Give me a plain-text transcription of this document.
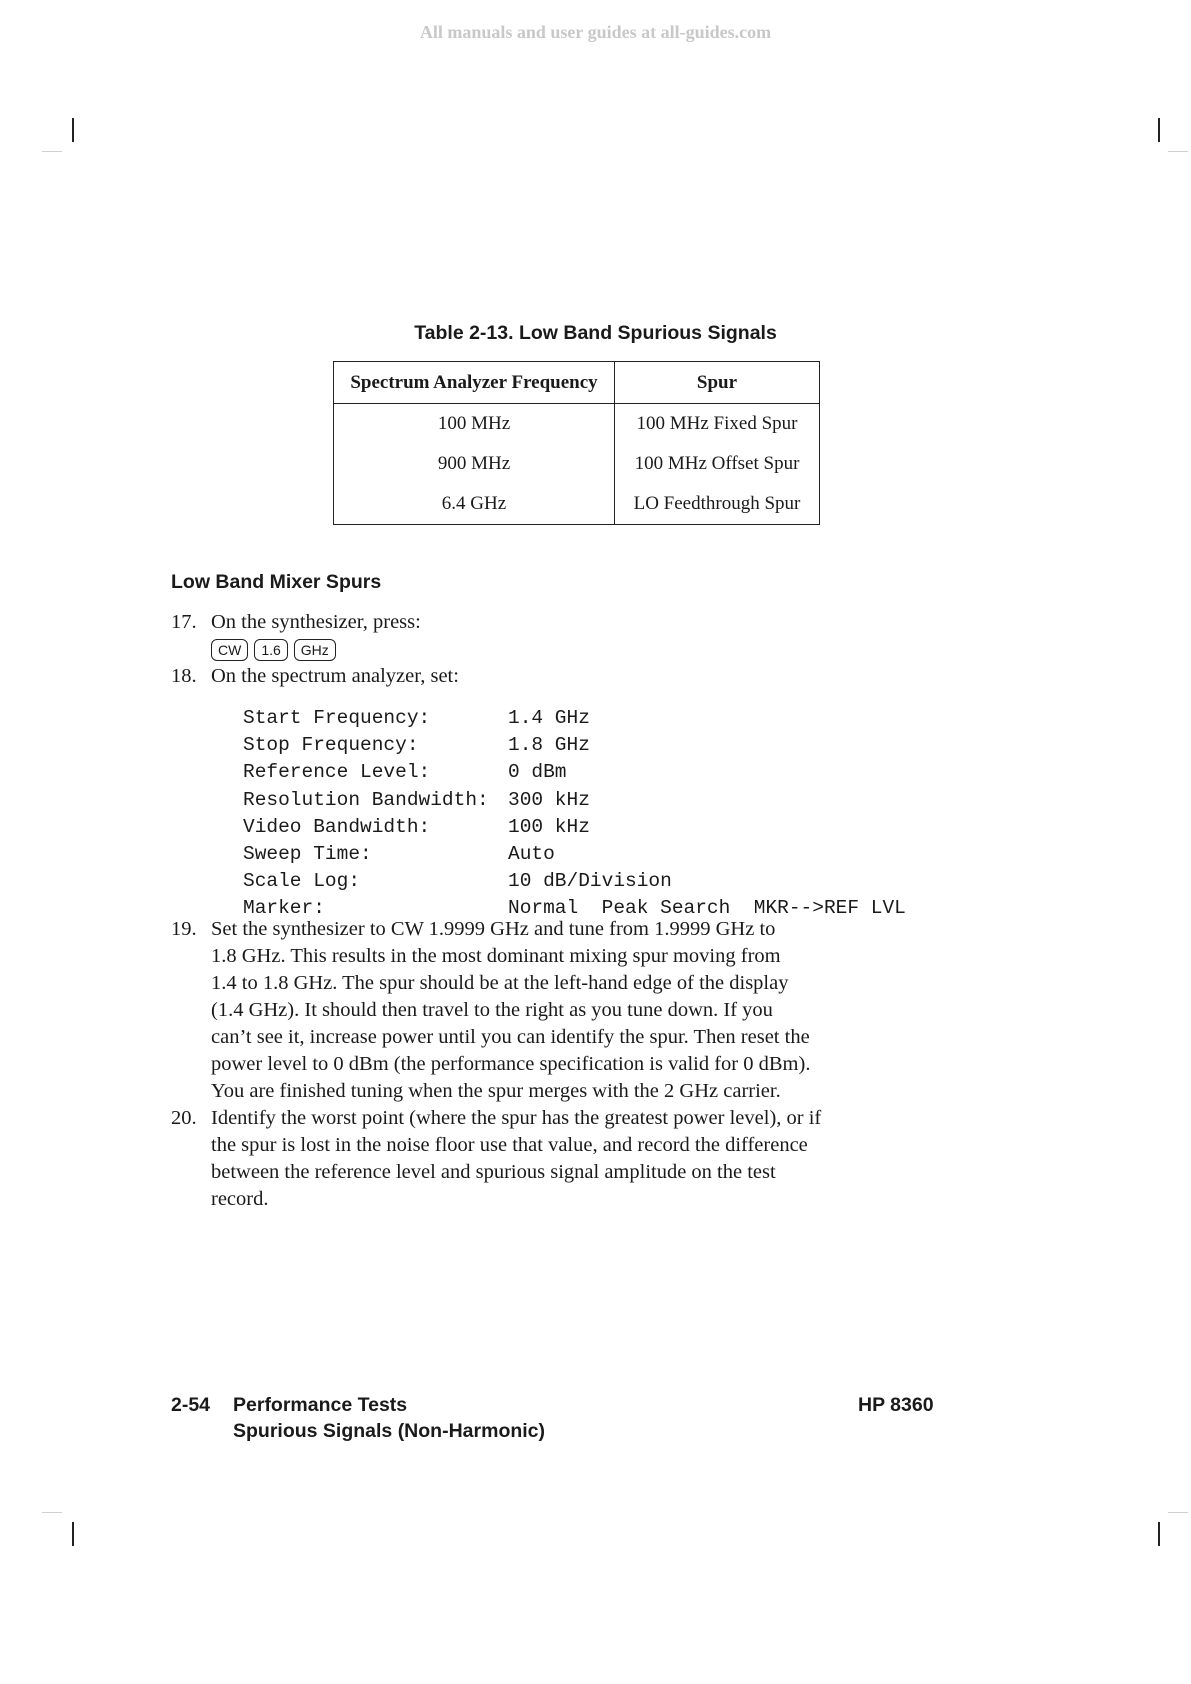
All manuals and user guides at all-guides.com
Table 2-13. Low Band Spurious Signals
Spectrum Analyzer Frequency	Spur
100 MHz	100 MHz Fixed Spur
900 MHz	100 MHz Offset Spur
6.4 GHz	LO Feedthrough Spur
Low Band Mixer Spurs
17. On the synthesizer, press:
CW	1.6	GHz
18. On the spectrum analyzer, set:
Start Frequency:	1.4 GHz
Stop Frequency:	1.8 GHz
Reference Level:	0 dBm
Resolution Bandwidth: 300 kHz
Video Bandwidth:	100 kHz
Sweep Time:	Auto
Scale Log:	10 dB/Division
Marker:	Normal  Peak Search  MKR-->REF LVL
19. Set the synthesizer to CW 1.9999 GHz and tune from 1.9999 GHz to
1.8 GHz. This results in the most dominant mixing spur moving from
1.4 to 1.8 GHz. The spur should be at the left-hand edge of the display
(1.4 GHz). It should then travel to the right as you tune down. If you
can’t see it, increase power until you can identify the spur. Then reset the
power level to 0 dBm (the performance specification is valid for 0 dBm).
You are finished tuning when the spur merges with the 2 GHz carrier.
20. Identify the worst point (where the spur has the greatest power level), or if
the spur is lost in the noise floor use that value, and record the difference
between the reference level and spurious signal amplitude on the test
record.
2-54 Performance Tests
Spurious Signals (Non-Harmonic)
HP 8360
